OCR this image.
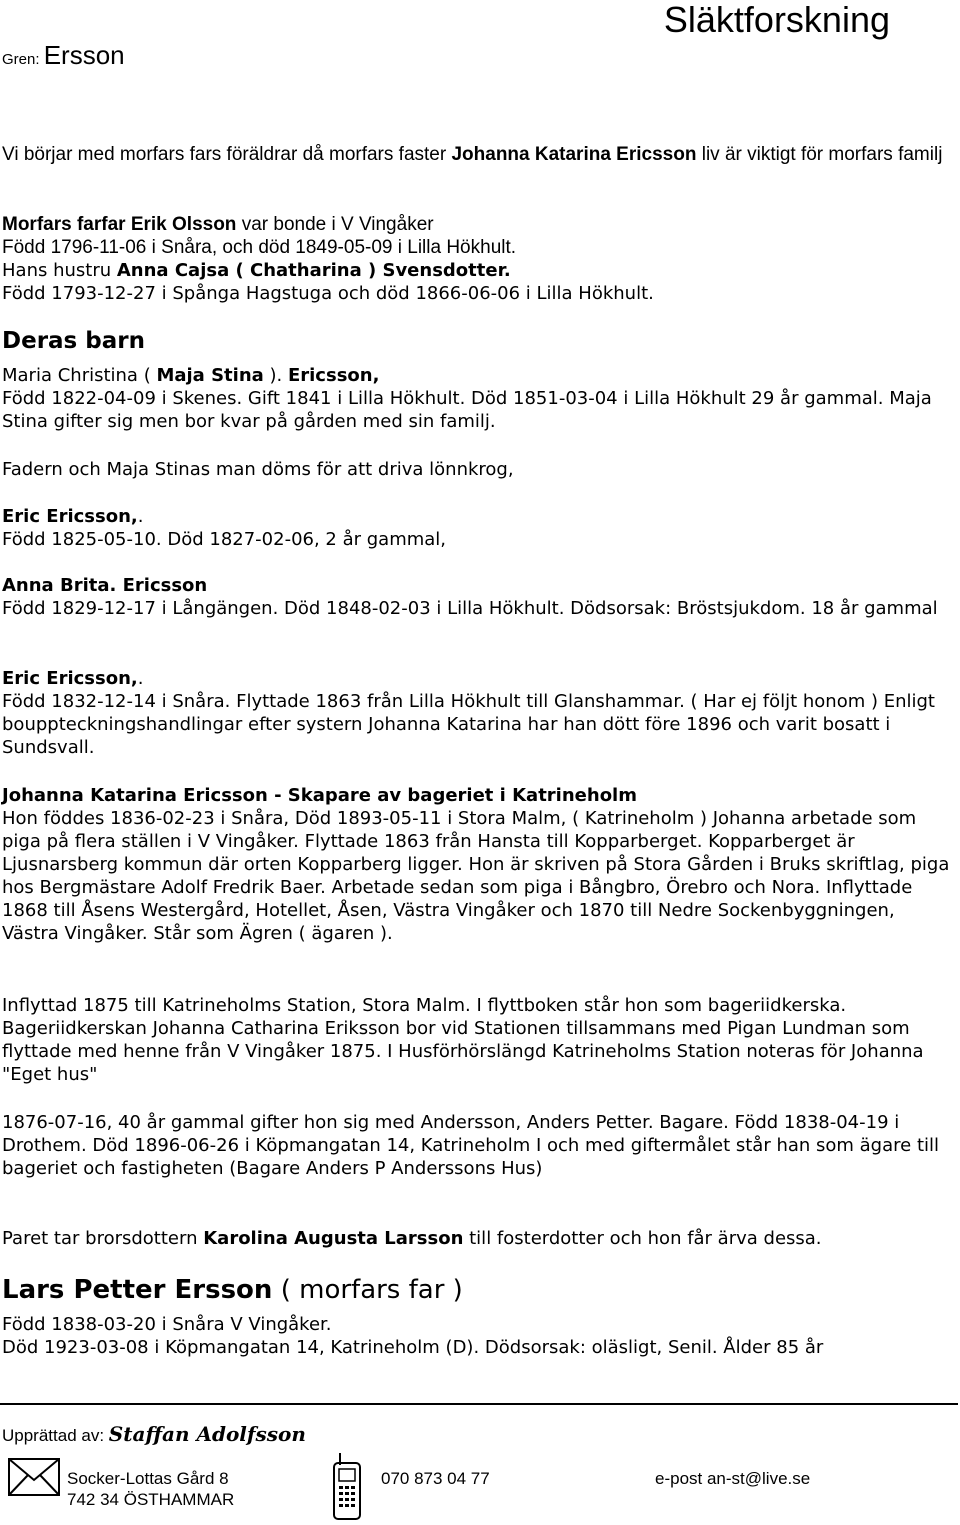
Släktforskning
Gren: Ersson
Vi börjar med morfars fars föräldrar då morfars faster Johanna Katarina Ericsson liv är viktigt för morfars familj
Morfars farfar Erik Olsson var bonde i V Vingåker
Född 1796-11-06 i Snåra, och död 1849-05-09 i Lilla Hökhult.
Hans hustru Anna Cajsa ( Chatharina ) Svensdotter.
Född 1793-12-27 i Spånga Hagstuga och död 1866-06-06 i Lilla Hökhult.
Deras barn
Maria Christina ( Maja Stina ). Ericsson,
Född 1822-04-09 i Skenes. Gift 1841 i Lilla Hökhult. Död 1851-03-04 i Lilla Hökhult 29 år gammal. Maja Stina gifter sig men bor kvar på gården med sin familj.
Fadern och Maja Stinas man döms för att driva lönnkrog,
Eric Ericsson,.
Född 1825-05-10. Död 1827-02-06, 2 år gammal,
Anna Brita. Ericsson
Född 1829-12-17 i Långängen. Död 1848-02-03 i Lilla Hökhult. Dödsorsak: Bröstsjukdom. 18 år gammal
Eric Ericsson,.
Född 1832-12-14 i Snåra. Flyttade 1863 från Lilla Hökhult till Glanshammar. ( Har ej följt honom ) Enligt bouppteckningshandlingar efter systern Johanna Katarina har han dött före 1896 och varit bosatt i Sundsvall.
Johanna Katarina Ericsson - Skapare av bageriet i Katrineholm
Hon föddes 1836-02-23 i Snåra, Död 1893-05-11 i Stora Malm, ( Katrineholm ) Johanna arbetade som piga på flera ställen i V Vingåker. Flyttade 1863 från Hansta till Kopparberget. Kopparberget är Ljusnarsberg kommun där orten Kopparberg ligger. Hon är skriven på Stora Gården i Bruks skriftlag, piga hos Bergmästare Adolf Fredrik Baer. Arbetade sedan som piga i Bångbro, Örebro och Nora. Inflyttade 1868 till Åsens Westergård, Hotellet, Åsen, Västra Vingåker och 1870 till Nedre Sockenbyggningen, Västra Vingåker. Står som Ägren ( ägaren ).
Inflyttad 1875 till Katrineholms Station, Stora Malm. I flyttboken står hon som bageriidkerska. Bageriidkerskan Johanna Catharina Eriksson bor vid Stationen tillsammans med Pigan Lundman som flyttade med henne från V Vingåker 1875. I Husförhörslängd Katrineholms Station noteras för Johanna "Eget hus"
1876-07-16, 40 år gammal gifter hon sig med Andersson, Anders Petter. Bagare. Född 1838-04-19 i Drothem. Död 1896-06-26 i Köpmangatan 14, Katrineholm I och med giftermålet står han som ägare till bageriet och fastigheten (Bagare Anders P Anderssons Hus)
Paret tar brorsdottern Karolina Augusta Larsson till fosterdotter och hon får ärva dessa.
Lars Petter Ersson ( morfars far )
Född 1838-03-20 i Snåra V Vingåker.
Död 1923-03-08 i Köpmangatan 14, Katrineholm (D). Dödsorsak: oläsligt, Senil. Ålder 85 år
Upprättad av: Staffan Adolfsson
Socker-Lottas Gård 8
742 34 ÖSTHAMMAR
070 873 04 77	e-post an-st@live.se
